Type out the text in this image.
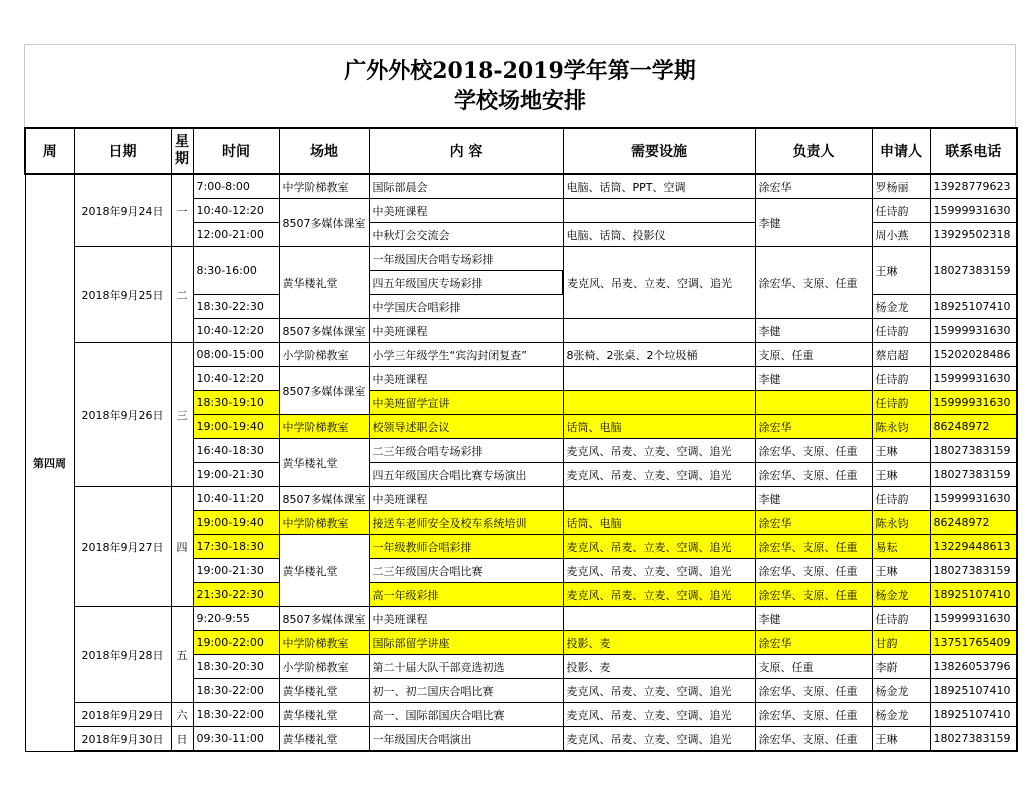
广外外校2018-2019学年第一学期
学校场地安排
周	日期	星
期	时间	场地	内 容	需要设施	负责人	申请人	联系电话
第四周	2018年9月24日	一	7:00-8:00	中学阶梯教室	国际部晨会	电脑、话筒、PPT、空调	涂宏华	罗杨丽	13928779623
			10:40-12:20	8507多媒体课室	中美班课程		李健	任诗韵	15999931630
			12:00-21:00		中秋灯会交流会	电脑、话筒、投影仪		周小燕	13929502318
	2018年9月25日	二	8:30-16:00	黄华楼礼堂	一年级国庆合唱专场彩排	麦克风、吊麦、立麦、空调、追光	涂宏华、支原、任重	王琳	18027383159
					四五年级国庆专场彩排				
			18:30-22:30		中学国庆合唱彩排			杨金龙	18925107410
			10:40-12:20	8507多媒体课室	中美班课程		李健	任诗韵	15999931630
	2018年9月26日	三	08:00-15:00	小学阶梯教室	小学三年级学生“宾沟封闭复查”	8张椅、2张桌、2个垃圾桶	支原、任重	蔡启超	15202028486
			10:40-12:20	8507多媒体课室	中美班课程		李健	任诗韵	15999931630
			18:30-19:10		中美班留学宣讲			任诗韵	15999931630
			19:00-19:40	中学阶梯教室	校领导述职会议	话筒、电脑	涂宏华	陈永钧	86248972
			16:40-18:30	黄华楼礼堂	二三年级合唱专场彩排	麦克风、吊麦、立麦、空调、追光	涂宏华、支原、任重	王琳	18027383159
			19:00-21:30		四五年级国庆合唱比赛专场演出	麦克风、吊麦、立麦、空调、追光	涂宏华、支原、任重	王琳	18027383159
	2018年9月27日	四	10:40-11:20	8507多媒体课室	中美班课程		李健	任诗韵	15999931630
			19:00-19:40	中学阶梯教室	接送车老师安全及校车系统培训	话筒、电脑	涂宏华	陈永钧	86248972
			17:30-18:30	黄华楼礼堂	一年级教师合唱彩排	麦克风、吊麦、立麦、空调、追光	涂宏华、支原、任重	易耘	13229448613
			19:00-21:30		二三年级国庆合唱比赛	麦克风、吊麦、立麦、空调、追光	涂宏华、支原、任重	王琳	18027383159
			21:30-22:30		高一年级彩排	麦克风、吊麦、立麦、空调、追光	涂宏华、支原、任重	杨金龙	18925107410
	2018年9月28日	五	9:20-9:55	8507多媒体课室	中美班课程		李健	任诗韵	15999931630
			19:00-22:00	中学阶梯教室	国际部留学讲座	投影、麦	涂宏华	甘韵	13751765409
			18:30-20:30	小学阶梯教室	第二十届大队干部竞选初选	投影、麦	支原、任重	李蔚	13826053796
			18:30-22:00	黄华楼礼堂	初一、初二国庆合唱比赛	麦克风、吊麦、立麦、空调、追光	涂宏华、支原、任重	杨金龙	18925107410
	2018年9月29日	六	18:30-22:00	黄华楼礼堂	高一、国际部国庆合唱比赛	麦克风、吊麦、立麦、空调、追光	涂宏华、支原、任重	杨金龙	18925107410
	2018年9月30日	日	09:30-11:00	黄华楼礼堂	一年级国庆合唱演出	麦克风、吊麦、立麦、空调、追光	涂宏华、支原、任重	王琳	18027383159
